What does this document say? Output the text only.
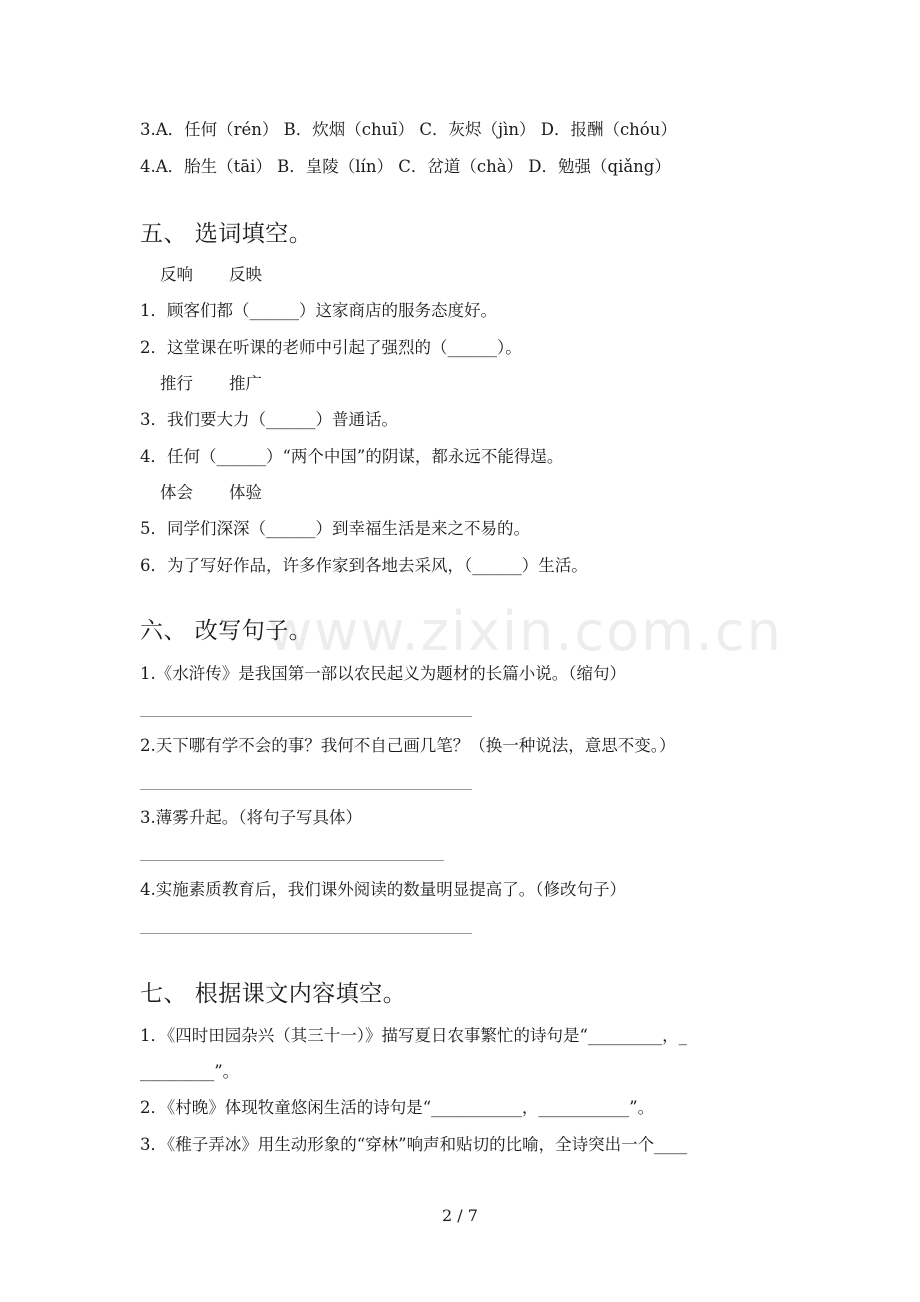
3.A．任何（rén） B．炊烟（chuī） C．灰烬（jìn） D．报酬（chóu）
4.A．胎生（tāi） B．皇陵（lín） C．岔道（chà） D．勉强（qiǎng）
五、 选词填空。
反响 反映
1．顾客们都（______）这家商店的服务态度好。
2．这堂课在听课的老师中引起了强烈的（______）。
推行 推广
3．我们要大力（______）普通话。
4．任何（______）“两个中国”的阴谋，都永远不能得逞。
体会 体验
5．同学们深深（______）到幸福生活是来之不易的。
6．为了写好作品，许多作家到各地去采风，（______）生活。
六、 改写句子。
1.《水浒传》是我国第一部以农民起义为题材的长篇小说。（缩句）
2.天下哪有学不会的事？我何不自己画几笔？（换一种说法，意思不变。）
3.薄雾升起。（将句子写具体）
4.实施素质教育后，我们课外阅读的数量明显提高了。（修改句子）
七、 根据课文内容填空。
1．《四时田园杂兴（其三十一）》描写夏日农事繁忙的诗句是“_________，_
_________”。
2．《村晚》体现牧童悠闲生活的诗句是“___________，___________”。
3．《稚子弄冰》用生动形象的“穿林”响声和贴切的比喻，全诗突出一个____
www.zixin.com.cn
2 / 7
